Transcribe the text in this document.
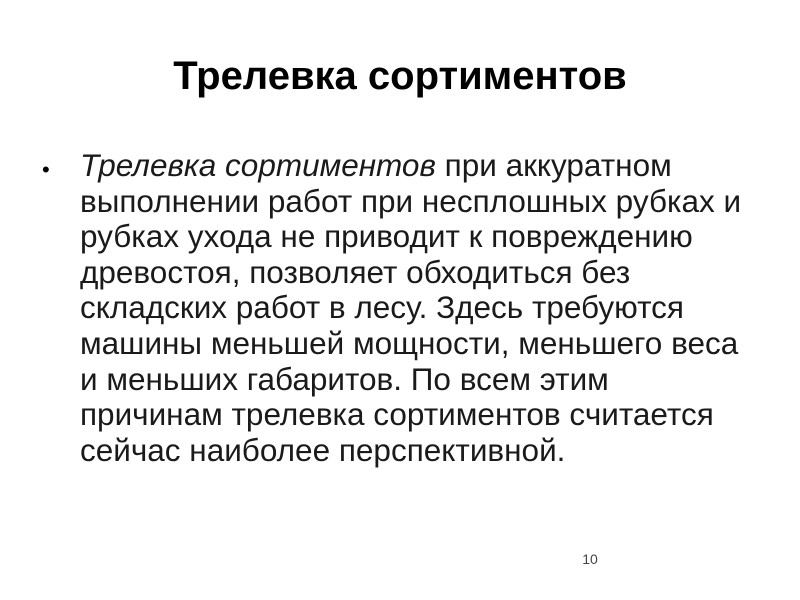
Трелевка сортиментов
• Трелевка сортиментов при аккуратном выполнении работ при несплошных рубках и рубках ухода не приводит к повреждению древостоя, позволяет обходиться без складских работ в лесу. Здесь требуются машины меньшей мощности, меньшего веса и меньших габаритов. По всем этим причинам трелевка сортиментов считается сейчас наиболее перспективной.

10
